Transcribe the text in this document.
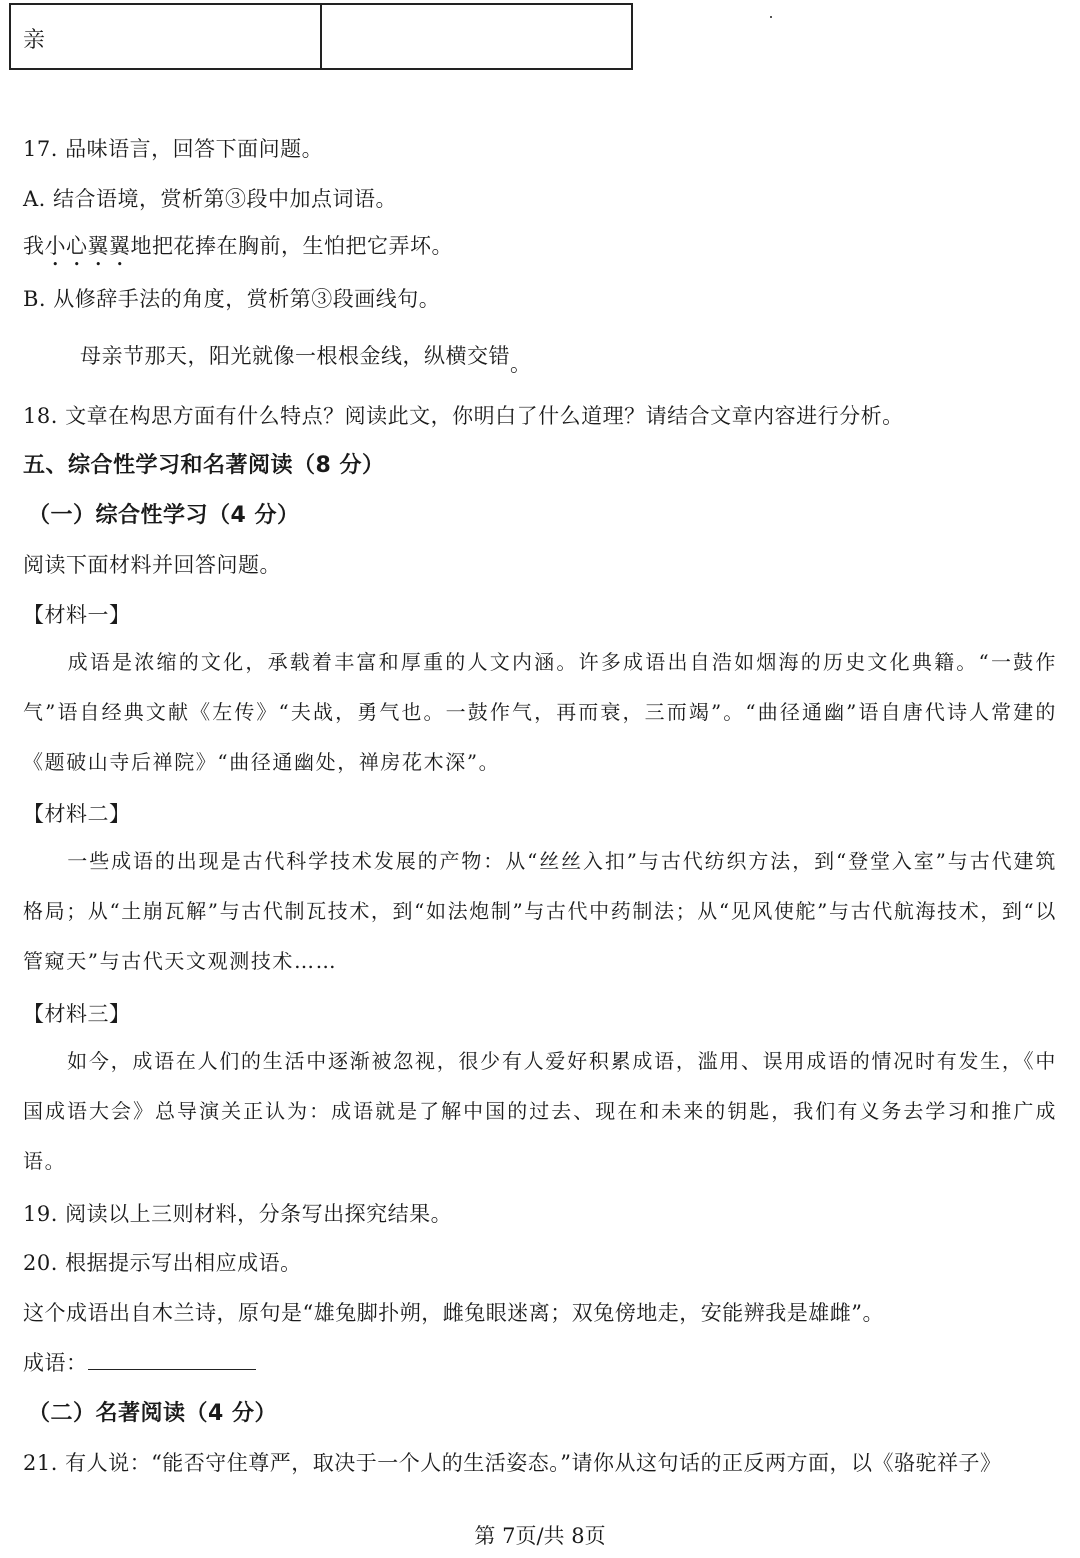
亲
17. 品味语言，回答下面问题。
A. 结合语境，赏析第③段中加点词语。
我小心翼翼地把花捧在胸前，生怕把它弄坏。
B. 从修辞手法的角度，赏析第③段画线句。
母亲节那天，阳光就像一根根金线，纵横交错。
18. 文章在构思方面有什么特点？阅读此文，你明白了什么道理？请结合文章内容进行分析。
五、综合性学习和名著阅读（8 分）
（一）综合性学习（4 分）
阅读下面材料并回答问题。
【材料一】
成语是浓缩的文化，承载着丰富和厚重的人文内涵。许多成语出自浩如烟海的历史文化典籍。“一鼓作气”语自经典文献《左传》“夫战，勇气也。一鼓作气，再而衰，三而竭”。“曲径通幽”语自唐代诗人常建的《题破山寺后禅院》“曲径通幽处，禅房花木深”。
【材料二】
一些成语的出现是古代科学技术发展的产物：从“丝丝入扣”与古代纺织方法，到“登堂入室”与古代建筑格局；从“土崩瓦解”与古代制瓦技术，到“如法炮制”与古代中药制法；从“见风使舵”与古代航海技术，到“以管窥天”与古代天文观测技术……
【材料三】
如今，成语在人们的生活中逐渐被忽视，很少有人爱好积累成语，滥用、误用成语的情况时有发生，《中国成语大会》总导演关正认为：成语就是了解中国的过去、现在和未来的钥匙，我们有义务去学习和推广成语。
19. 阅读以上三则材料，分条写出探究结果。
20. 根据提示写出相应成语。
这个成语出自木兰诗，原句是“雄兔脚扑朔，雌兔眼迷离；双兔傍地走，安能辨我是雄雌”。
成语：
（二）名著阅读（4 分）
21. 有人说：“能否守住尊严，取决于一个人的生活姿态。”请你从这句话的正反两方面，以《骆驼祥子》
第 7页/共 8页
